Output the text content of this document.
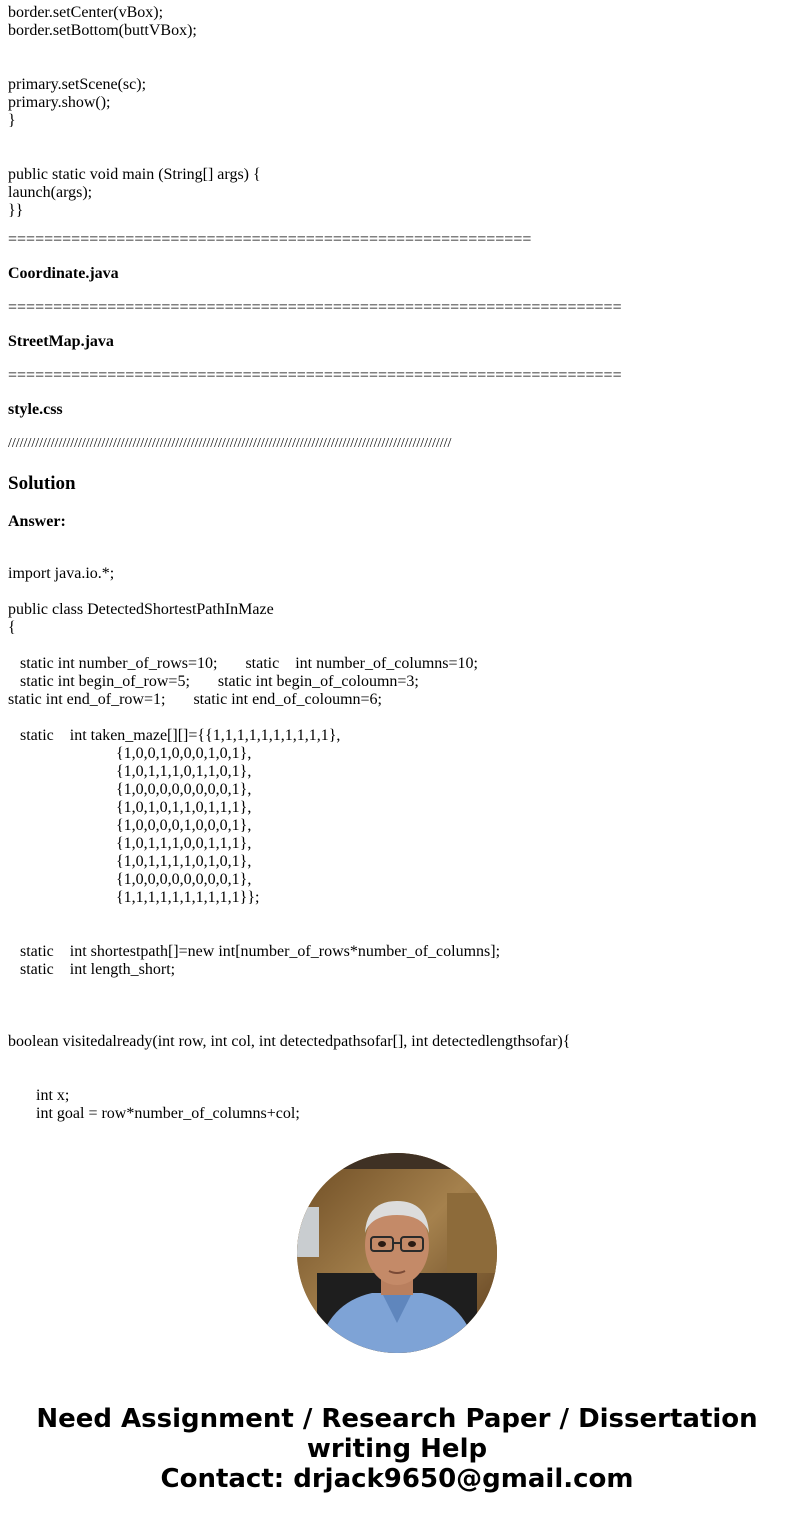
border.setCenter(vBox);
border.setBottom(buttVBox);
primary.setScene(sc);
primary.show();
}
public static void main (String[] args) {
launch(args);
}}
==========================================================
Coordinate.java
====================================================================
StreetMap.java
====================================================================
style.css
//////////////////////////////////////////////////////////////////////////////////////////////////////////////////
Solution
Answer:
import java.io.*;
public class DetectedShortestPathInMaze
{
static int number_of_rows=10;       static    int number_of_columns=10;
static int begin_of_row=5;       static int begin_of_coloumn=3;
static int end_of_row=1;       static int end_of_coloumn=6;
static    int taken_maze[][]={{1,1,1,1,1,1,1,1,1,1},
{1,0,0,1,0,0,0,1,0,1},
{1,0,1,1,1,0,1,1,0,1},
{1,0,0,0,0,0,0,0,0,1},
{1,0,1,0,1,1,0,1,1,1},
{1,0,0,0,0,1,0,0,0,1},
{1,0,1,1,1,0,0,1,1,1},
{1,0,1,1,1,1,0,1,0,1},
{1,0,0,0,0,0,0,0,0,1},
{1,1,1,1,1,1,1,1,1,1}};
static    int shortestpath[]=new int[number_of_rows*number_of_columns];
static    int length_short;
boolean visitedalready(int row, int col, int detectedpathsofar[], int detectedlengthsofar){
int x;
int goal = row*number_of_columns+col;
Need Assignment / Research Paper / Dissertation
writing Help
Contact: drjack9650@gmail.com
